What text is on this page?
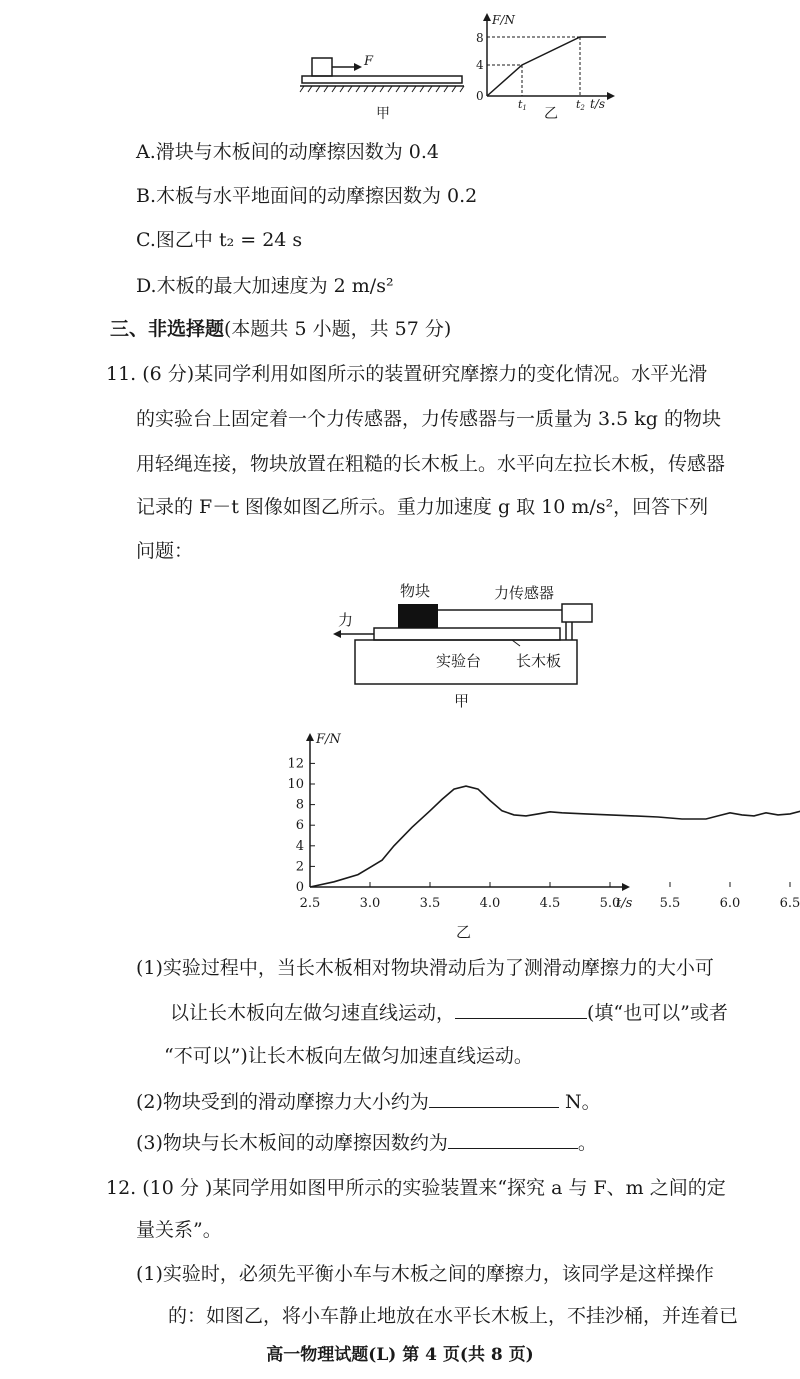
F
甲
F/N
t/s
8
4
0
t1	t2
乙
A.滑块与木板间的动摩擦因数为 0.4
B.木板与水平地面间的动摩擦因数为 0.2
C.图乙中 t₂ = 24 s
D.木板的最大加速度为 2 m/s²
三、非选择题(本题共 5 小题，共 57 分)
11. (6 分)某同学利用如图所示的装置研究摩擦力的变化情况。水平光滑
的实验台上固定着一个力传感器，力传感器与一质量为 3.5 kg 的物块
用轻绳连接，物块放置在粗糙的长木板上。水平向左拉长木板，传感器
记录的 F－t 图像如图乙所示。重力加速度 g 取 10 m/s²，回答下列
问题：
物块	力传感器
力
实验台 长木板
甲
0
2
4
6
8
10
12
2.5	3.0	3.5	4.0	4.5	5.0	5.5	6.0	6.5
F/N
t/s
乙
(1)实验过程中，当长木板相对物块滑动后为了测滑动摩擦力的大小可
以让长木板向左做匀速直线运动，	(填“也可以”或者
“不可以”)让长木板向左做匀加速直线运动。
(2)物块受到的滑动摩擦力大小约为	N。
(3)物块与长木板间的动摩擦因数约为	。
12. (10 分 )某同学用如图甲所示的实验装置来“探究 a 与 F、m 之间的定
量关系”。
(1)实验时，必须先平衡小车与木板之间的摩擦力，该同学是这样操作
的：如图乙，将小车静止地放在水平长木板上，不挂沙桶，并连着已
高一物理试题(L) 第 4 页(共 8 页)
